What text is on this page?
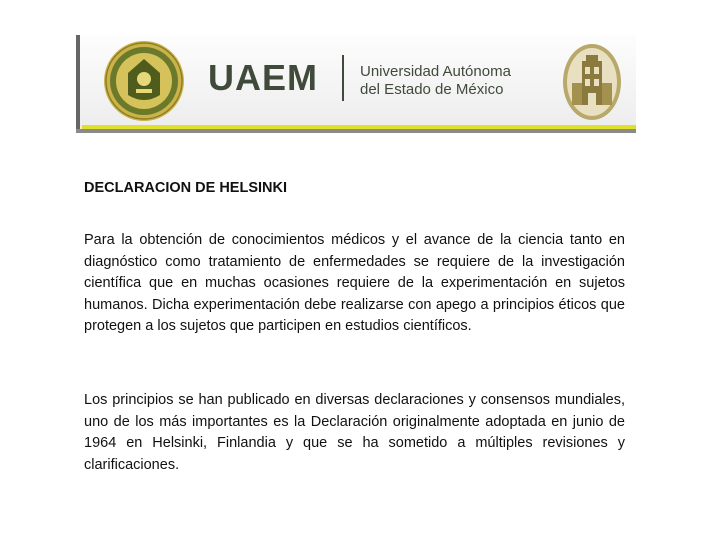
UAEM	Universidad Autónoma
del Estado de México

DECLARACION DE HELSINKI

Para la obtención de conocimientos médicos y el avance de la ciencia tanto en diagnóstico como tratamiento de enfermedades se requiere de la investigación científica que en muchas ocasiones requiere de la experimentación en sujetos humanos. Dicha experimentación debe realizarse con apego a principios éticos que protegen a los sujetos que participen en estudios científicos.

Los principios se han publicado en diversas declaraciones y consensos mundiales, uno de los más importantes es la Declaración originalmente adoptada en junio de 1964 en Helsinki, Finlandia y que se ha sometido a múltiples revisiones y clarificaciones.
